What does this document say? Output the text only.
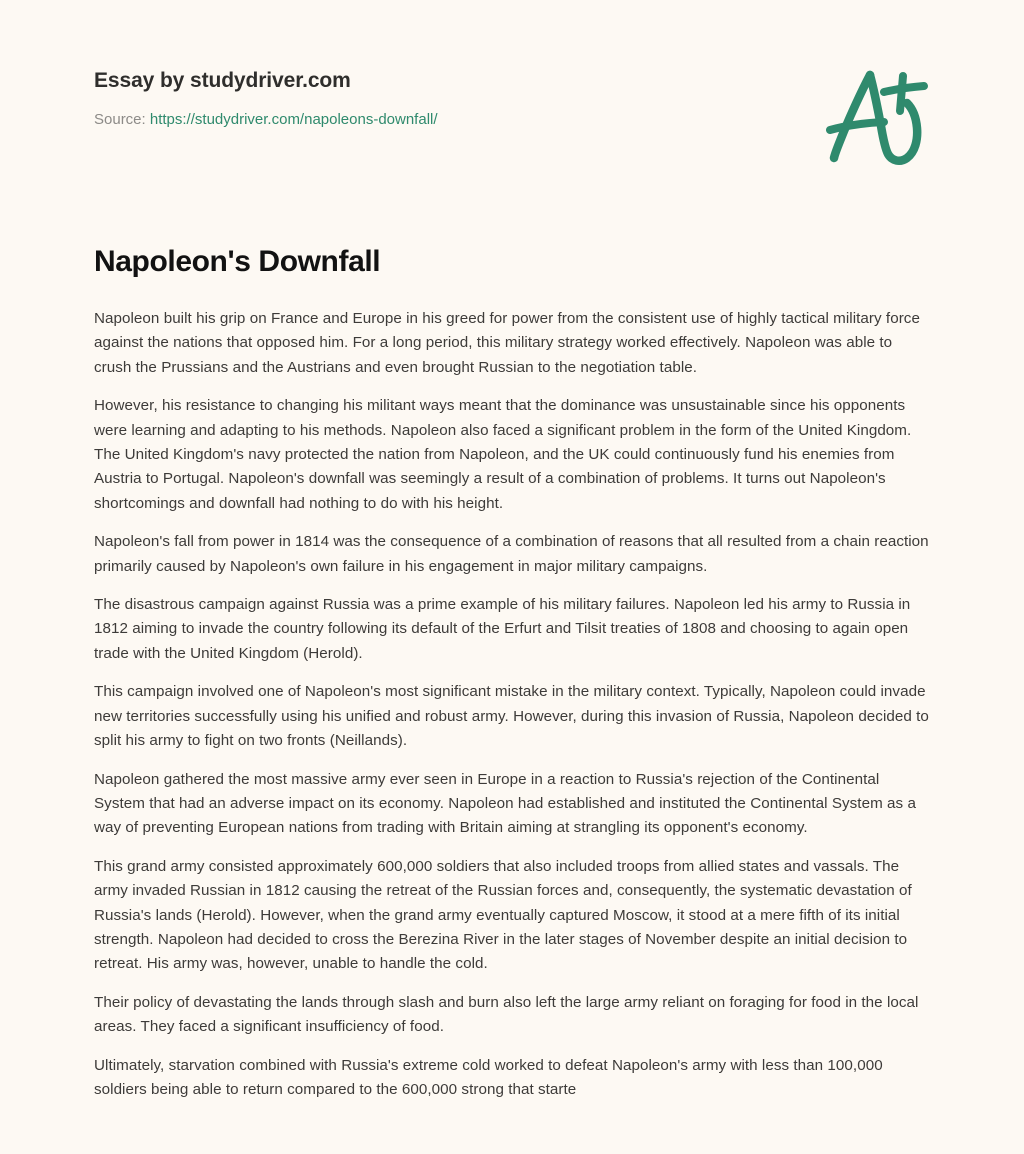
Essay by studydriver.com
Source: https://studydriver.com/napoleons-downfall/
Napoleon's Downfall

Napoleon built his grip on France and Europe in his greed for power from the consistent use of highly tactical military force against the nations that opposed him. For a long period, this military strategy worked effectively. Napoleon was able to crush the Prussians and the Austrians and even brought Russian to the negotiation table.

However, his resistance to changing his militant ways meant that the dominance was unsustainable since his opponents were learning and adapting to his methods. Napoleon also faced a significant problem in the form of the United Kingdom. The United Kingdom's navy protected the nation from Napoleon, and the UK could continuously fund his enemies from Austria to Portugal. Napoleon's downfall was seemingly a result of a combination of problems. It turns out Napoleon's shortcomings and downfall had nothing to do with his height.

Napoleon's fall from power in 1814 was the consequence of a combination of reasons that all resulted from a chain reaction primarily caused by Napoleon's own failure in his engagement in major military campaigns.

The disastrous campaign against Russia was a prime example of his military failures. Napoleon led his army to Russia in 1812 aiming to invade the country following its default of the Erfurt and Tilsit treaties of 1808 and choosing to again open trade with the United Kingdom (Herold).

This campaign involved one of Napoleon's most significant mistake in the military context. Typically, Napoleon could invade new territories successfully using his unified and robust army. However, during this invasion of Russia, Napoleon decided to split his army to fight on two fronts (Neillands).

Napoleon gathered the most massive army ever seen in Europe in a reaction to Russia's rejection of the Continental System that had an adverse impact on its economy. Napoleon had established and instituted the Continental System as a way of preventing European nations from trading with Britain aiming at strangling its opponent's economy.

This grand army consisted approximately 600,000 soldiers that also included troops from allied states and vassals. The army invaded Russian in 1812 causing the retreat of the Russian forces and, consequently, the systematic devastation of Russia's lands (Herold). However, when the grand army eventually captured Moscow, it stood at a mere fifth of its initial strength. Napoleon had decided to cross the Berezina River in the later stages of November despite an initial decision to retreat. His army was, however, unable to handle the cold.

Their policy of devastating the lands through slash and burn also left the large army reliant on foraging for food in the local areas. They faced a significant insufficiency of food.

Ultimately, starvation combined with Russia's extreme cold worked to defeat Napoleon's army with less than 100,000 soldiers being able to return compared to the 600,000 strong that starte
